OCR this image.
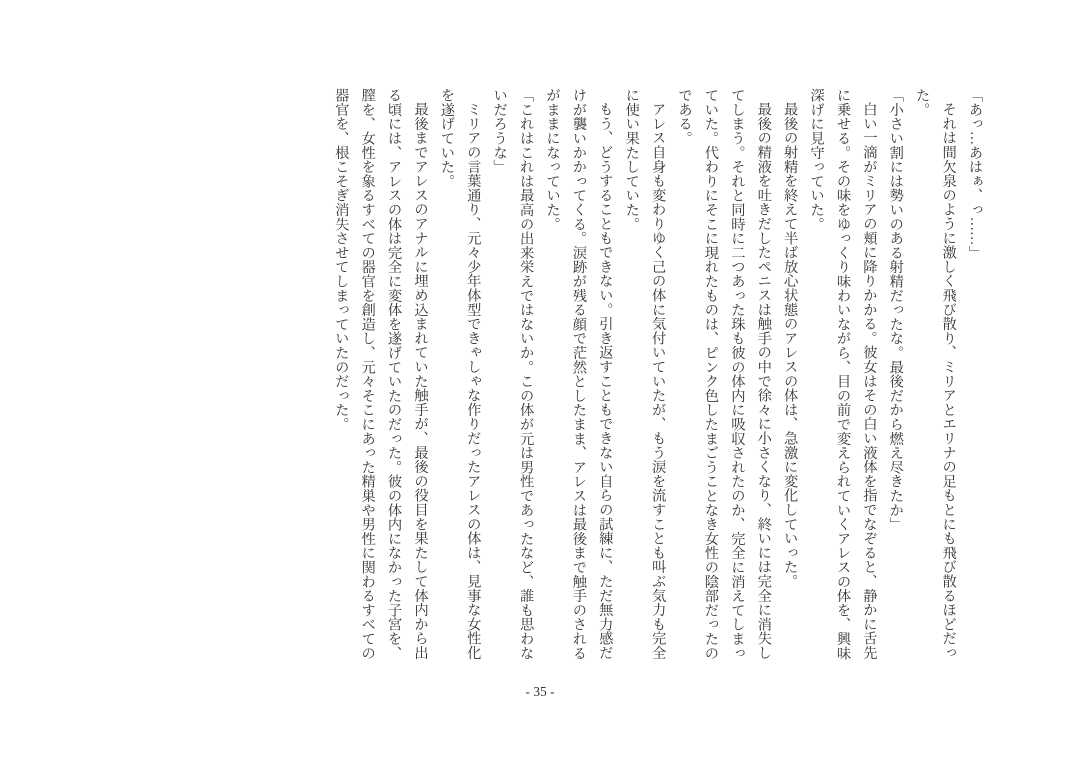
「あっ…あはぁ、っ……」

それは間欠泉のように激しく飛び散り、ミリアとエリナの足もとにも飛び散るほどだった。

「小さい割には勢いのある射精だったな。最後だから燃え尽きたか」

白い一滴がミリアの頬に降りかかる。彼女はその白い液体を指でなぞると、静かに舌先に乗せる。その味をゆっくり味わいながら、目の前で変えられていくアレスの体を、興味深げに見守っていた。

最後の射精を終えて半ば放心状態のアレスの体は、急激に変化していった。

最後の精液を吐きだしたペニスは触手の中で徐々に小さくなり、終いには完全に消失してしまう。それと同時に二つあった珠も彼の体内に吸収されたのか、完全に消えてしまっていた。代わりにそこに現れたものは、ピンク色したまごうことなき女性の陰部だったのである。

アレス自身も変わりゆく己の体に気付いていたが、もう涙を流すことも叫ぶ気力も完全に使い果たしていた。

もう、どうすることもできない。引き返すこともできない自らの試練に、ただ無力感だけが襲いかかってくる。涙跡が残る顔で茫然としたまま、アレスは最後まで触手のされるがままになっていた。

「これはこれは最高の出来栄えではないか。この体が元は男性であったなど、誰も思わないだろうな」

ミリアの言葉通り、元々少年体型できゃしゃな作りだったアレスの体は、見事な女性化を遂げていた。

最後までアレスのアナルに埋め込まれていた触手が、最後の役目を果たして体内から出る頃には、アレスの体は完全に変体を遂げていたのだった。彼の体内になかった子宮を、膣を、女性を象るすべての器官を創造し、元々そこにあった精巣や男性に関わるすべての器官を、根こそぎ消失させてしまっていたのだった。

- 35 -
